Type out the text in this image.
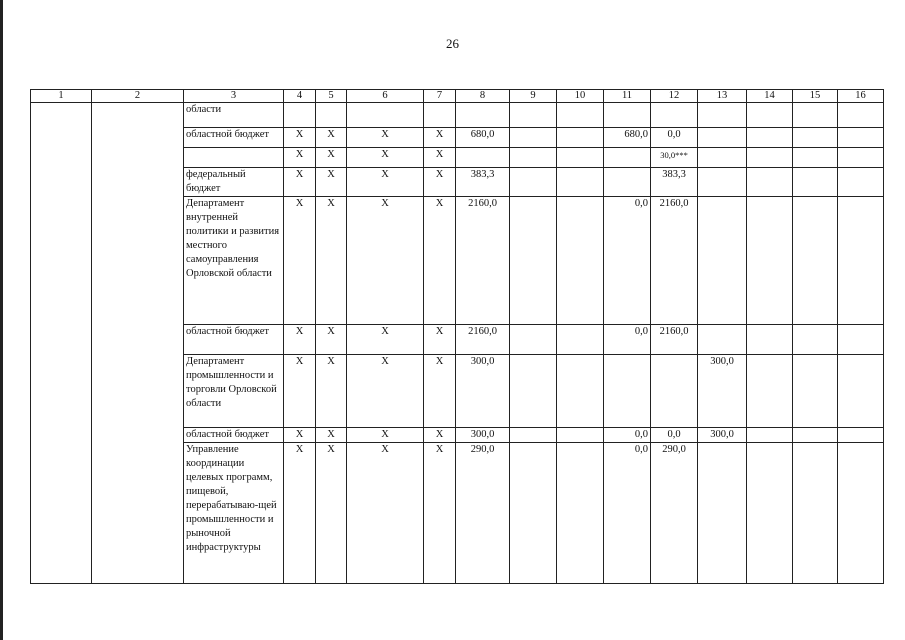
26
1	2	3	4	5	6	7	8	9	10	11	12	13	14	15	16
		области													
		областной бюджет	Х	Х	Х	Х	680,0			680,0	0,0				
			Х	Х	Х	Х					30,0***				
		федеральный бюджет	Х	Х	Х	Х	383,3				383,3				
		Департамент внутренней политики и развития местного самоуправления Орловской области	Х	Х	Х	Х	2160,0			0,0	2160,0				
		областной бюджет	Х	Х	Х	Х	2160,0			0,0	2160,0				
		Департамент промышленности и торговли Орловской области	Х	Х	Х	Х	300,0					300,0			
		областной бюджет	Х	Х	Х	Х	300,0			0,0	0,0	300,0			
		Управление координации целевых программ, пищевой, перерабатываю-щей промышленности и рыночной инфраструктуры	Х	Х	Х	Х	290,0			0,0	290,0				
